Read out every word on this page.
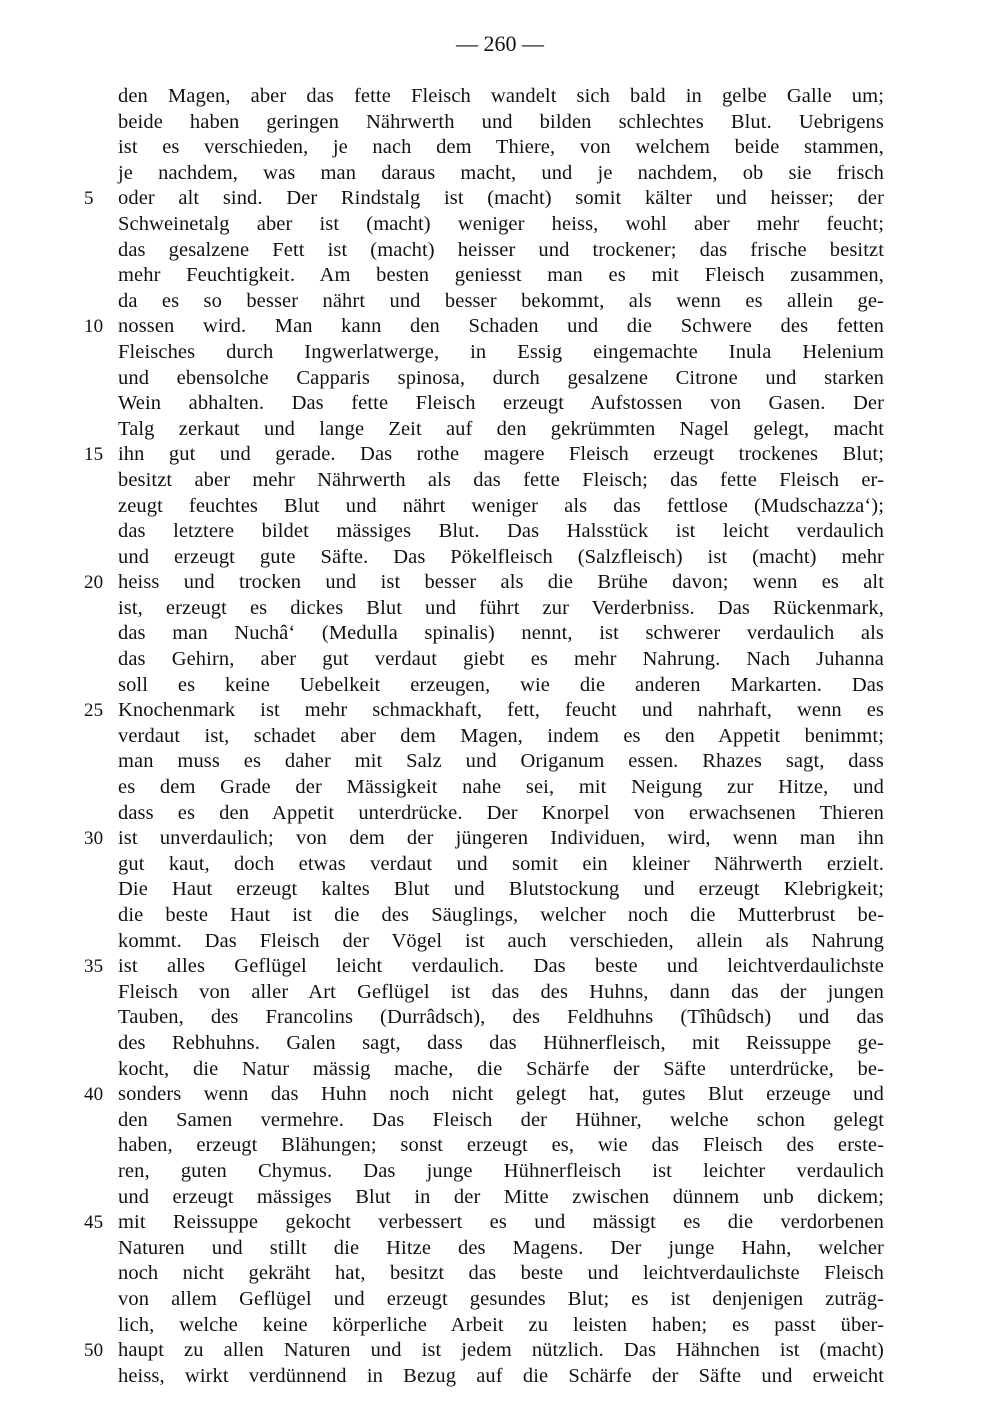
— 260 —
den Magen, aber das fette Fleisch wandelt sich bald in gelbe Galle um;
beide haben geringen Nährwerth und bilden schlechtes Blut. Uebrigens
ist es verschieden, je nach dem Thiere, von welchem beide stammen,
je nachdem, was man daraus macht, und je nachdem, ob sie frisch
5	oder alt sind. Der Rindstalg ist (macht) somit kälter und heisser; der
Schweinetalg aber ist (macht) weniger heiss, wohl aber mehr feucht;
das gesalzene Fett ist (macht) heisser und trockener; das frische besitzt
mehr Feuchtigkeit. Am besten geniesst man es mit Fleisch zusammen,
da es so besser nährt und besser bekommt, als wenn es allein ge-
10 nossen wird. Man kann den Schaden und die Schwere des fetten
Fleisches durch Ingwerlatwerge, in Essig eingemachte Inula Helenium
und ebensolche Capparis spinosa, durch gesalzene Citrone und starken
Wein abhalten. Das fette Fleisch erzeugt Aufstossen von Gasen. Der
Talg zerkaut und lange Zeit auf den gekrümmten Nagel gelegt, macht
15 ihn gut und gerade. Das rothe magere Fleisch erzeugt trockenes Blut;
besitzt aber mehr Nährwerth als das fette Fleisch; das fette Fleisch er-
zeugt feuchtes Blut und nährt weniger als das fettlose (Mudschazza‘);
das letztere bildet mässiges Blut. Das Halsstück ist leicht verdaulich
und erzeugt gute Säfte. Das Pökelfleisch (Salzfleisch) ist (macht) mehr
20 heiss und trocken und ist besser als die Brühe davon; wenn es alt
ist, erzeugt es dickes Blut und führt zur Verderbniss. Das Rückenmark,
das man Nuchâ‘ (Medulla spinalis) nennt, ist schwerer verdaulich als
das Gehirn, aber gut verdaut giebt es mehr Nahrung. Nach Juhanna
soll es keine Uebelkeit erzeugen, wie die anderen Markarten. Das
25 Knochenmark ist mehr schmackhaft, fett, feucht und nahrhaft, wenn es
verdaut ist, schadet aber dem Magen, indem es den Appetit benimmt;
man muss es daher mit Salz und Origanum essen. Rhazes sagt, dass
es dem Grade der Mässigkeit nahe sei, mit Neigung zur Hitze, und
dass es den Appetit unterdrücke. Der Knorpel von erwachsenen Thieren
30 ist unverdaulich; von dem der jüngeren Individuen, wird, wenn man ihn
gut kaut, doch etwas verdaut und somit ein kleiner Nährwerth erzielt.
Die Haut erzeugt kaltes Blut und Blutstockung und erzeugt Klebrigkeit;
die beste Haut ist die des Säuglings, welcher noch die Mutterbrust be-
kommt. Das Fleisch der Vögel ist auch verschieden, allein als Nahrung
35 ist alles Geflügel leicht verdaulich. Das beste und leichtverdaulichste
Fleisch von aller Art Geflügel ist das des Huhns, dann das der jungen
Tauben, des Francolins (Durrâdsch), des Feldhuhns (Tîhûdsch) und das
des Rebhuhns. Galen sagt, dass das Hühnerfleisch, mit Reissuppe ge-
kocht, die Natur mässig mache, die Schärfe der Säfte unterdrücke, be-
40 sonders wenn das Huhn noch nicht gelegt hat, gutes Blut erzeuge und
den Samen vermehre. Das Fleisch der Hühner, welche schon gelegt
haben, erzeugt Blähungen; sonst erzeugt es, wie das Fleisch des erste-
ren, guten Chymus. Das junge Hühnerfleisch ist leichter verdaulich
und erzeugt mässiges Blut in der Mitte zwischen dünnem unb dickem;
45 mit Reissuppe gekocht verbessert es und mässigt es die verdorbenen
Naturen und stillt die Hitze des Magens. Der junge Hahn, welcher
noch nicht gekräht hat, besitzt das beste und leichtverdaulichste Fleisch
von allem Geflügel und erzeugt gesundes Blut; es ist denjenigen zuträg-
lich, welche keine körperliche Arbeit zu leisten haben; es passt über-
50 haupt zu allen Naturen und ist jedem nützlich. Das Hähnchen ist (macht)
heiss, wirkt verdünnend in Bezug auf die Schärfe der Säfte und erweicht
